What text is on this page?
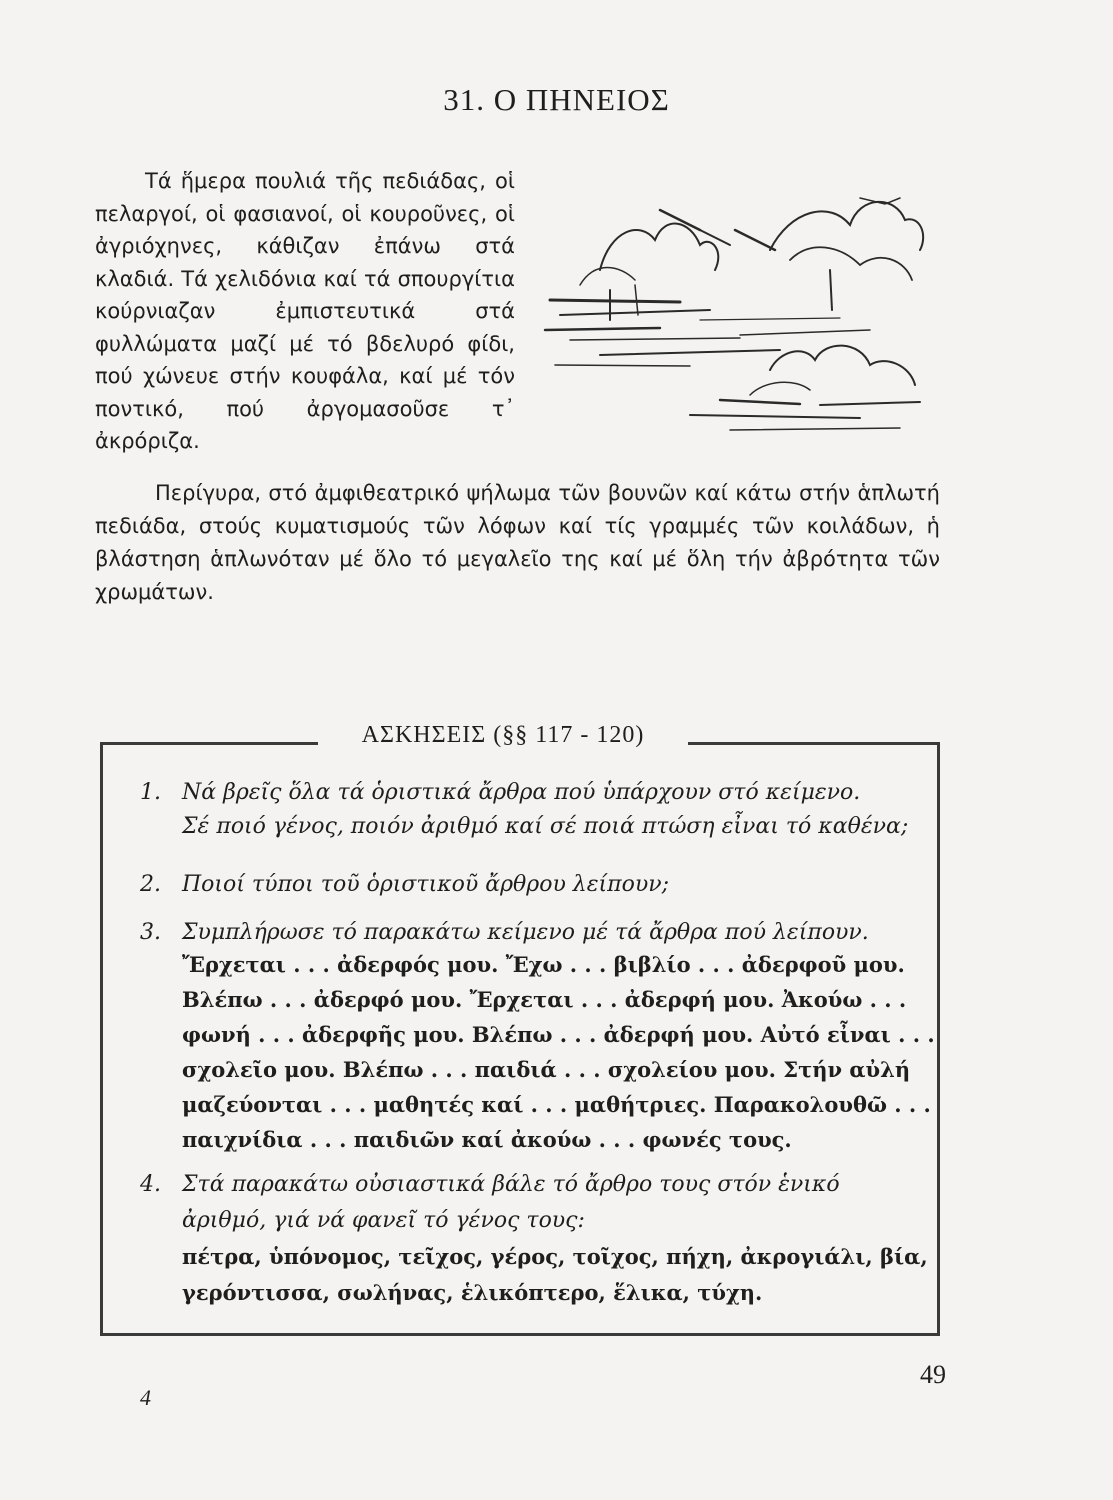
31. Ο ΠΗΝΕΙΟΣ

Τά ἥμερα πουλιά τῆς πεδιάδας, οἱ πελαργοί, οἱ φασιανοί, οἱ κουροῦνες, οἱ ἀγριόχηνες, κάθιζαν ἐπάνω στά κλαδιά. Τά χελιδόνια καί τά σπουργίτια κούρνιαζαν ἐμπιστευτικά στά φυλλώματα μαζί μέ τό βδελυρό φίδι, πού χώνευε στήν κουφάλα, καί μέ τόν ποντικό, πού ἀργομασοῦσε τ᾽ ἀκρόριζα.

Περίγυρα, στό ἀμφιθεατρικό ψήλωμα τῶν βουνῶν καί κάτω στήν ἁπλωτή πεδιάδα, στούς κυματισμούς τῶν λόφων καί τίς γραμμές τῶν κοιλάδων, ἡ βλάστηση ἁπλωνόταν μέ ὅλο τό μεγαλεῖο της καί μέ ὅλη τήν ἀβρότητα τῶν χρωμάτων.

ΑΣΚΗΣΕΙΣ (§§ 117 - 120)
1. Νά βρεῖς ὅλα τά ὁριστικά ἄρθρα πού ὑπάρχουν στό κείμενο.
Σέ ποιό γένος, ποιόν ἀριθμό καί σέ ποιά πτώση εἶναι τό καθένα;
2. Ποιοί τύποι τοῦ ὁριστικοῦ ἄρθρου λείπουν;
3. Συμπλήρωσε τό παρακάτω κείμενο μέ τά ἄρθρα πού λείπουν.
Ἔρχεται . . . ἀδερφός μου. Ἔχω . . . βιβλίο . . . ἀδερφοῦ μου.
Βλέπω . . . ἀδερφό μου. Ἔρχεται . . . ἀδερφή μου. Ἀκούω . . .
φωνή . . . ἀδερφῆς μου. Βλέπω . . . ἀδερφή μου. Αὐτό εἶναι . . .
σχολεῖο μου. Βλέπω . . . παιδιά . . . σχολείου μου. Στήν αὐλή
μαζεύονται . . . μαθητές καί . . . μαθήτριες. Παρακολουθῶ . . .
παιχνίδια . . . παιδιῶν καί ἀκούω . . . φωνές τους.
4. Στά παρακάτω οὐσιαστικά βάλε τό ἄρθρο τους στόν ἑνικό
ἀριθμό, γιά νά φανεῖ τό γένος τους:
πέτρα, ὑπόνομος, τεῖχος, γέρος, τοῖχος, πήχη, ἀκρογιάλι, βία,
γερόντισσα, σωλήνας, ἑλικόπτερο, ἕλικα, τύχη.
4
49
